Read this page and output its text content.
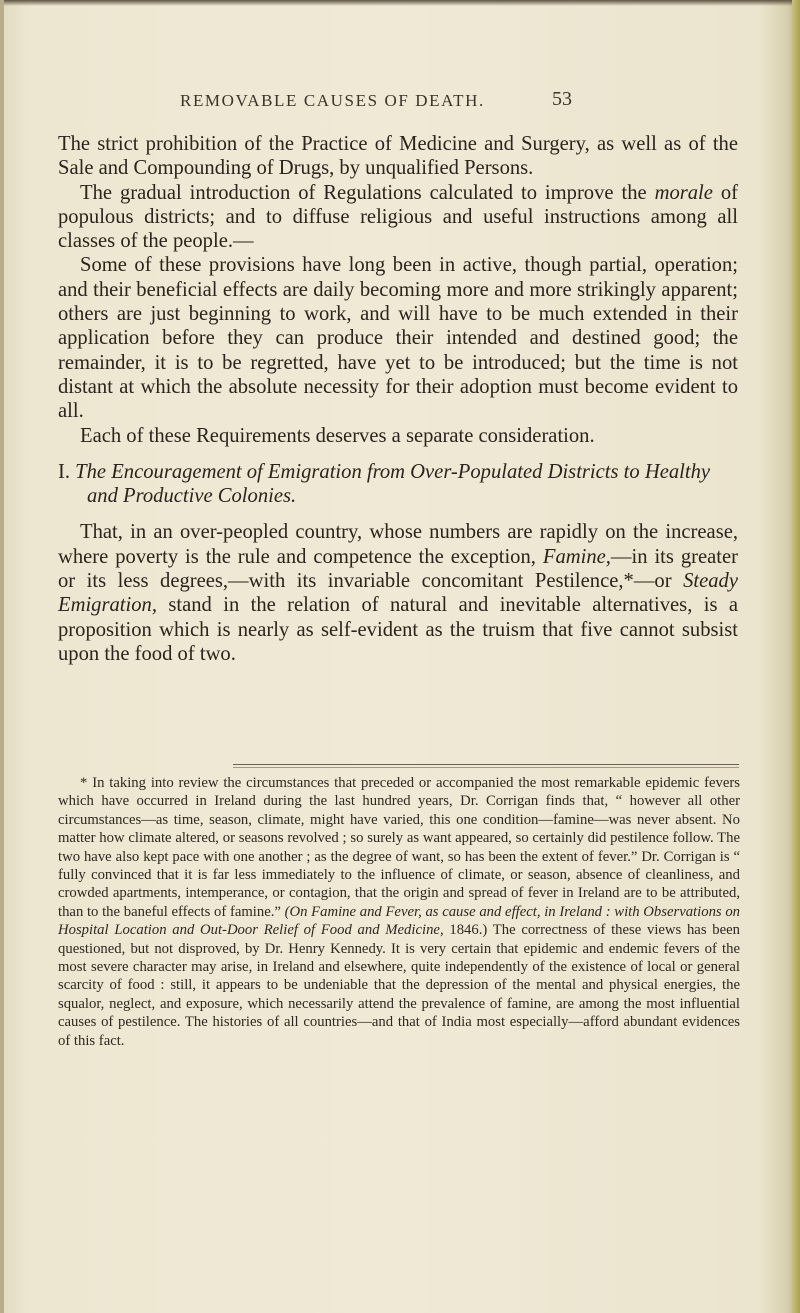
REMOVABLE CAUSES OF DEATH.	53

The strict prohibition of the Practice of Medicine and Surgery, as well as of the Sale and Compounding of Drugs, by unqualified Persons.

The gradual introduction of Regulations calculated to improve the morale of populous districts; and to diffuse religious and useful instructions among all classes of the people.—

Some of these provisions have long been in active, though partial, operation; and their beneficial effects are daily becoming more and more strikingly apparent; others are just beginning to work, and will have to be much extended in their application before they can produce their intended and destined good; the remainder, it is to be regretted, have yet to be introduced; but the time is not distant at which the absolute necessity for their adoption must become evident to all.

Each of these Requirements deserves a separate consideration.

I. The Encouragement of Emigration from Over-Populated Districts to Healthy and Productive Colonies.

That, in an over-peopled country, whose numbers are rapidly on the increase, where poverty is the rule and competence the exception, Famine,—in its greater or its less degrees,—with its invariable concomitant Pestilence,*—or Steady Emigration, stand in the relation of natural and inevitable alternatives, is a proposition which is nearly as self-evident as the truism that five cannot subsist upon the food of two.

* In taking into review the circumstances that preceded or accompanied the most remarkable epidemic fevers which have occurred in Ireland during the last hundred years, Dr. Corrigan finds that, “ however all other circumstances—as time, season, climate, might have varied, this one condition—famine—was never absent. No matter how climate altered, or seasons revolved ; so surely as want appeared, so certainly did pestilence follow. The two have also kept pace with one another ; as the degree of want, so has been the extent of fever.” Dr. Corrigan is “ fully convinced that it is far less immediately to the influence of climate, or season, absence of cleanliness, and crowded apartments, intemperance, or contagion, that the origin and spread of fever in Ireland are to be attributed, than to the baneful effects of famine.” (On Famine and Fever, as cause and effect, in Ireland : with Observations on Hospital Location and Out-Door Relief of Food and Medicine, 1846.) The correctness of these views has been questioned, but not disproved, by Dr. Henry Kennedy. It is very certain that epidemic and endemic fevers of the most severe character may arise, in Ireland and elsewhere, quite independently of the existence of local or general scarcity of food : still, it appears to be undeniable that the depression of the mental and physical energies, the squalor, neglect, and exposure, which necessarily attend the prevalence of famine, are among the most influential causes of pestilence. The histories of all countries—and that of India most especially—afford abundant evidences of this fact.
